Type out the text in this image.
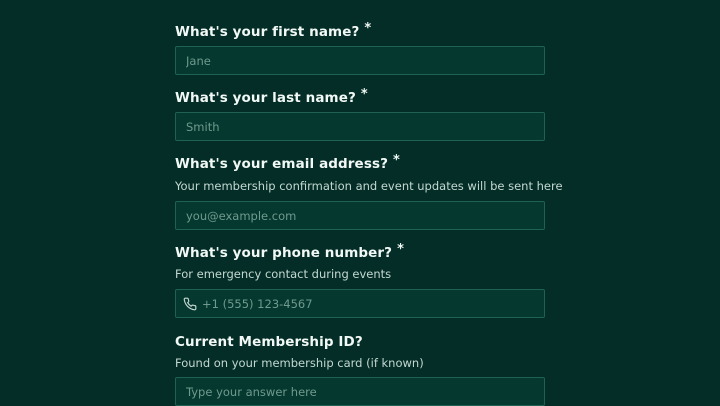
What's your first name? *
Jane
What's your last name? *
Smith
What's your email address? *
Your membership confirmation and event updates will be sent here
you@example.com
What's your phone number? *
For emergency contact during events
+1 (555) 123-4567
Current Membership ID?
Found on your membership card (if known)
Type your answer here
